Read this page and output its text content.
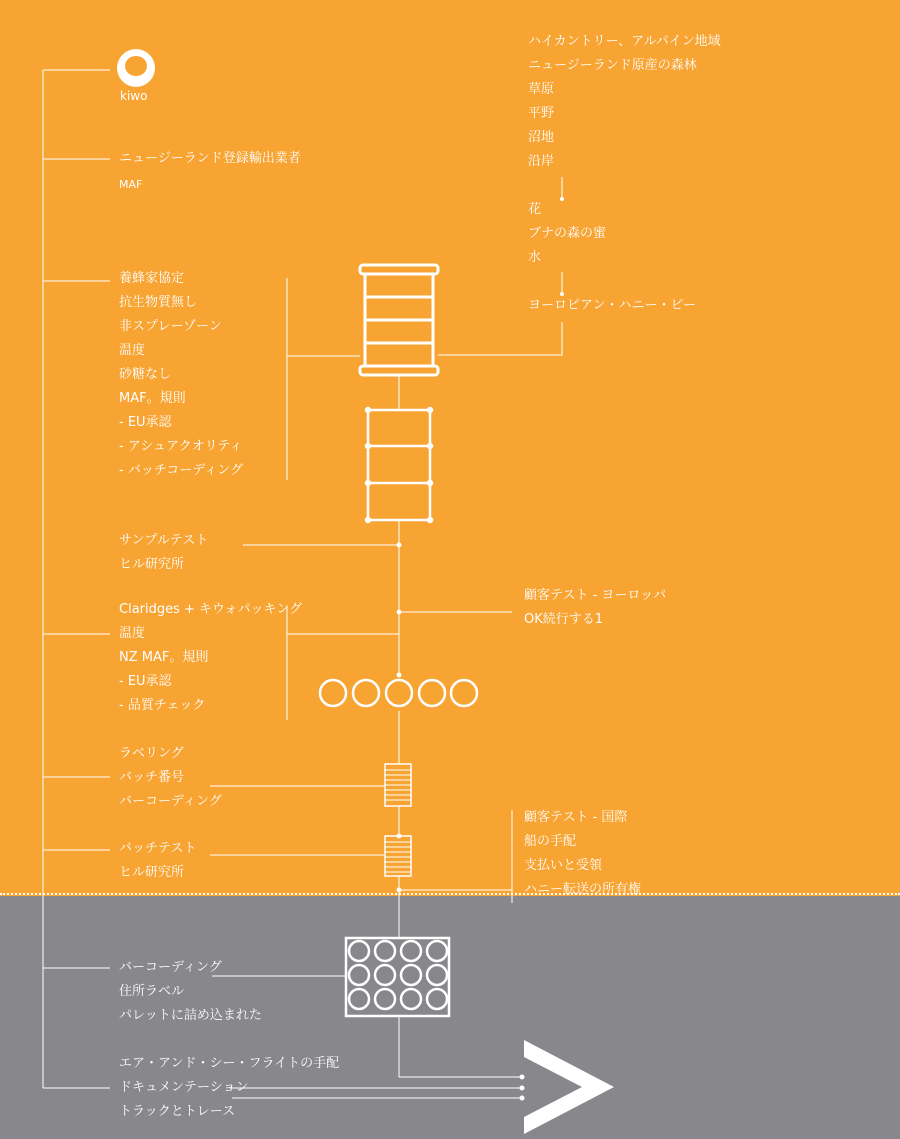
kiwo
ハイカントリー、アルパイン地域
ニュージーランド原産の森林
草原
平野
沼地
沿岸
花
ブナの森の蜜
水
ヨーロピアン・ハニー・ビー
ニュージーランド登録輸出業者
MAF
養蜂家協定
抗生物質無し
非スプレーゾーン
温度
砂糖なし
MAF。規則
- EU承認
- アシュアクオリティ
- バッチコーディング
サンプルテスト
ヒル研究所
顧客テスト - ヨーロッパ
OK続行する1
Claridges + キウォパッキング
温度
NZ MAF。規則
- EU承認
- 品質チェック
ラベリング
バッチ番号
バーコーディング
バッチテスト
ヒル研究所
顧客テスト - 国際
船の手配
支払いと受領
ハニー転送の所有権
バーコーディング
住所ラベル
パレットに詰め込まれた
エア・アンド・シー・フライトの手配
ドキュメンテーション
トラックとトレース
